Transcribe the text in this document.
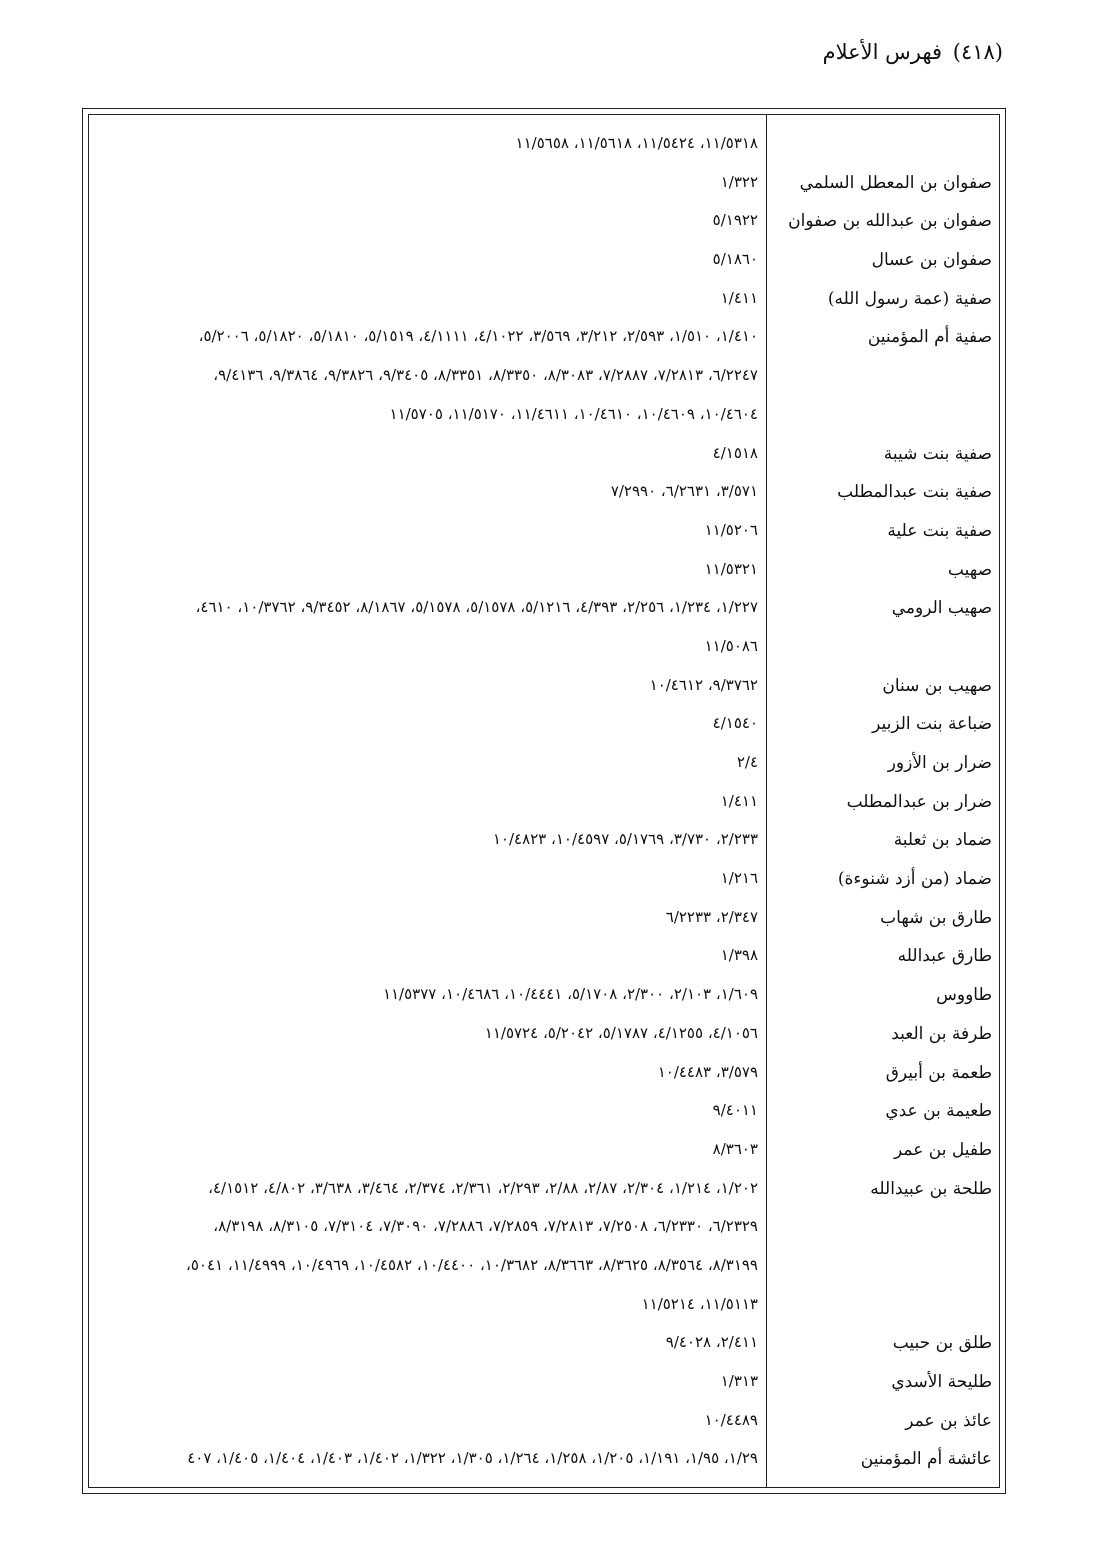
(٤١٨) فهرس الأعلام
١١/٥٣١٨، ١١/٥٤٢٤، ١١/٥٦١٨، ١١/٥٦٥٨
صفوان بن المعطل السلمي
١/٣٢٢
صفوان بن عبدالله بن صفوان
٥/١٩٢٢
صفوان بن عسال
٥/١٨٦٠
صفية (عمة رسول الله)
١/٤١١
صفية أم المؤمنين
١/٤١٠، ١/٥١٠، ٢/٥٩٣، ٣/٢١٢، ٣/٥٦٩، ٤/١٠٢٢، ٤/١١١١، ٥/١٥١٩، ٥/١٨١٠، ٥/١٨٢٠، ٥/٢٠٠٦،
٦/٢٢٤٧، ٧/٢٨١٣، ٧/٢٨٨٧، ٨/٣٠٨٣، ٨/٣٣٥٠، ٨/٣٣٥١، ٩/٣٤٠٥، ٩/٣٨٢٦، ٩/٣٨٦٤، ٩/٤١٣٦،
١٠/٤٦٠٤، ١٠/٤٦٠٩، ١٠/٤٦١٠، ١١/٤٦١١، ١١/٥١٧٠، ١١/٥٧٠٥
صفية بنت شيبة
٤/١٥١٨
صفية بنت عبدالمطلب
٣/٥٧١، ٦/٢٦٣١، ٧/٢٩٩٠
صفية بنت علية
١١/٥٢٠٦
صهيب
١١/٥٣٢١
صهيب الرومي
١/٢٢٧، ١/٢٣٤، ٢/٢٥٦، ٤/٣٩٣، ٥/١٢١٦، ٥/١٥٧٨، ٥/١٥٧٨، ٨/١٨٦٧، ٩/٣٤٥٢، ١٠/٣٧٦٢، ٤٦١٠،
١١/٥٠٨٦
صهيب بن سنان
٩/٣٧٦٢، ١٠/٤٦١٢
ضباعة بنت الزبير
٤/١٥٤٠
ضرار بن الأزور
٢/٤
ضرار بن عبدالمطلب
١/٤١١
ضماد بن ثعلبة
٢/٢٣٣، ٣/٧٣٠، ٥/١٧٦٩، ١٠/٤٥٩٧، ١٠/٤٨٢٣
ضماد (من أزد شنوءة)
١/٢١٦
طارق بن شهاب
٢/٣٤٧، ٦/٢٢٣٣
طارق عبدالله
١/٣٩٨
طاووس
١/٦٠٩، ٢/١٠٣، ٢/٣٠٠، ٥/١٧٠٨، ١٠/٤٤٤١، ١٠/٤٦٨٦، ١١/٥٣٧٧
طرفة بن العبد
٤/١٠٥٦، ٤/١٢٥٥، ٥/١٧٨٧، ٥/٢٠٤٢، ١١/٥٧٢٤
طعمة بن أبيرق
٣/٥٧٩، ١٠/٤٤٨٣
طعيمة بن عدي
٩/٤٠١١
طفيل بن عمر
٨/٣٦٠٣
طلحة بن عبيدالله
١/٢٠٢، ١/٢١٤، ٢/٣٠٤، ٢/٨٧، ٢/٨٨، ٢/٢٩٣، ٢/٣٦١، ٢/٣٧٤، ٣/٤٦٤، ٣/٦٣٨، ٤/٨٠٢، ٤/١٥١٢،
٦/٢٣٢٩، ٦/٢٣٣٠، ٧/٢٥٠٨، ٧/٢٨١٣، ٧/٢٨٥٩، ٧/٢٨٨٦، ٧/٣٠٩٠، ٧/٣١٠٤، ٨/٣١٠٥، ٨/٣١٩٨،
٨/٣١٩٩، ٨/٣٥٦٤، ٨/٣٦٢٥، ٨/٣٦٦٣، ١٠/٣٦٨٢، ١٠/٤٤٠٠، ١٠/٤٥٨٢، ١٠/٤٩٦٩، ١١/٤٩٩٩، ٥٠٤١،
١١/٥١١٣، ١١/٥٢١٤
طلق بن حبيب
٢/٤١١، ٩/٤٠٢٨
طليحة الأسدي
١/٣١٣
عائذ بن عمر
١٠/٤٤٨٩
عائشة أم المؤمنين
١/٢٩، ١/٩٥، ١/١٩١، ١/٢٠٥، ١/٢٥٨، ١/٢٦٤، ١/٣٠٥، ١/٣٢٢، ١/٤٠٢، ١/٤٠٣، ١/٤٠٤، ١/٤٠٥، ٤٠٧
